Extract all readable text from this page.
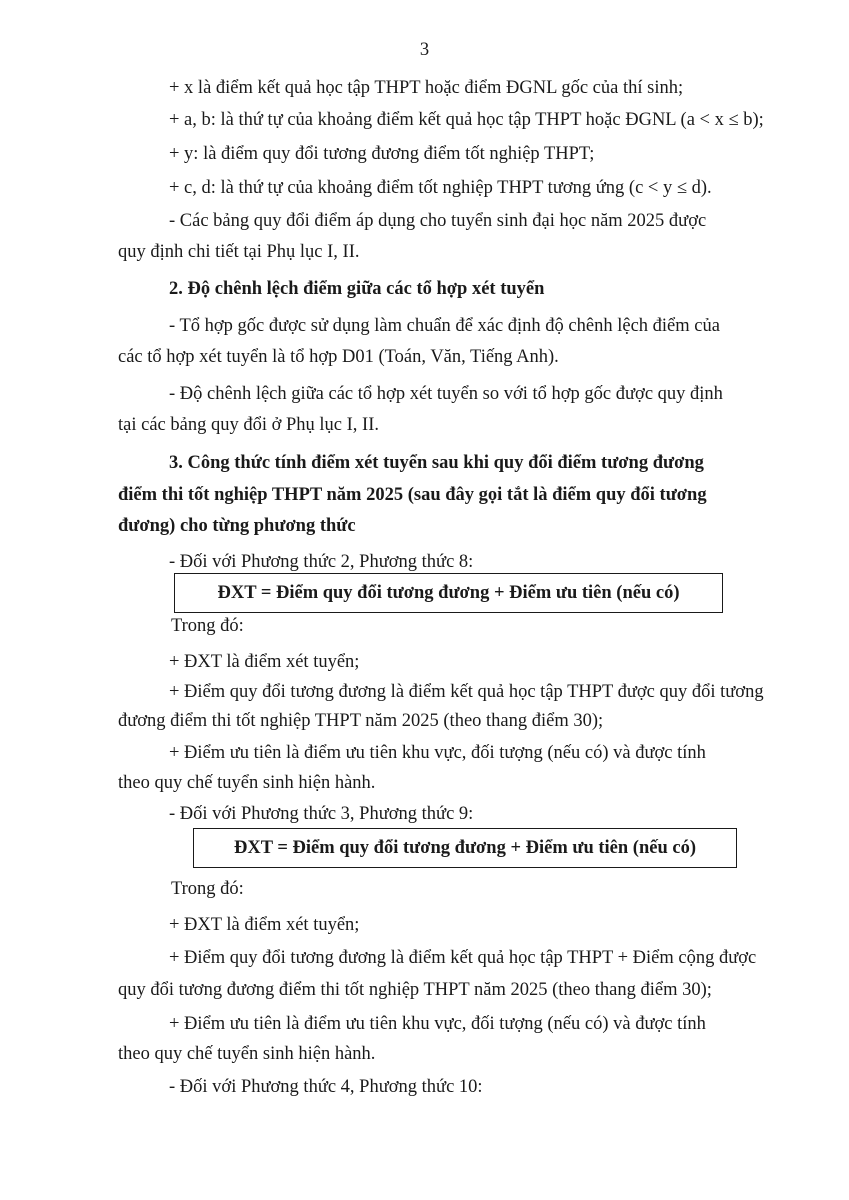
3
+ x là điểm kết quả học tập THPT hoặc điểm ĐGNL gốc của thí sinh;
+ a, b: là thứ tự của khoảng điểm kết quả học tập THPT hoặc ĐGNL (a < x ≤ b);
+ y: là điểm quy đổi tương đương điểm tốt nghiệp THPT;
+ c, d: là thứ tự của khoảng điểm tốt nghiệp THPT tương ứng (c < y ≤ d).
- Các bảng quy đổi điểm áp dụng cho tuyển sinh đại học năm 2025 được
quy định chi tiết tại Phụ lục I, II.
2. Độ chênh lệch điểm giữa các tổ hợp xét tuyển
- Tổ hợp gốc được sử dụng làm chuẩn để xác định độ chênh lệch điểm của
các tổ hợp xét tuyển là tổ hợp D01 (Toán, Văn, Tiếng Anh).
- Độ chênh lệch giữa các tổ hợp xét tuyển so với tổ hợp gốc được quy định
tại các bảng quy đổi ở Phụ lục I, II.
3. Công thức tính điểm xét tuyển sau khi quy đổi điểm tương đương
điểm thi tốt nghiệp THPT năm 2025 (sau đây gọi tắt là điểm quy đổi tương
đương) cho từng phương thức
- Đối với Phương thức 2, Phương thức 8:
ĐXT = Điểm quy đổi tương đương + Điểm ưu tiên (nếu có)
Trong đó:
+ ĐXT là điểm xét tuyển;
+ Điểm quy đổi tương đương là điểm kết quả học tập THPT được quy đổi tương
đương điểm thi tốt nghiệp THPT năm 2025 (theo thang điểm 30);
+ Điểm ưu tiên là điểm ưu tiên khu vực, đối tượng (nếu có) và được tính
theo quy chế tuyển sinh hiện hành.
- Đối với Phương thức 3, Phương thức 9:
ĐXT = Điểm quy đổi tương đương + Điểm ưu tiên (nếu có)
Trong đó:
+ ĐXT là điểm xét tuyển;
+ Điểm quy đổi tương đương là điểm kết quả học tập THPT + Điểm cộng được
quy đổi tương đương điểm thi tốt nghiệp THPT năm 2025 (theo thang điểm 30);
+ Điểm ưu tiên là điểm ưu tiên khu vực, đối tượng (nếu có) và được tính
theo quy chế tuyển sinh hiện hành.
- Đối với Phương thức 4, Phương thức 10:
